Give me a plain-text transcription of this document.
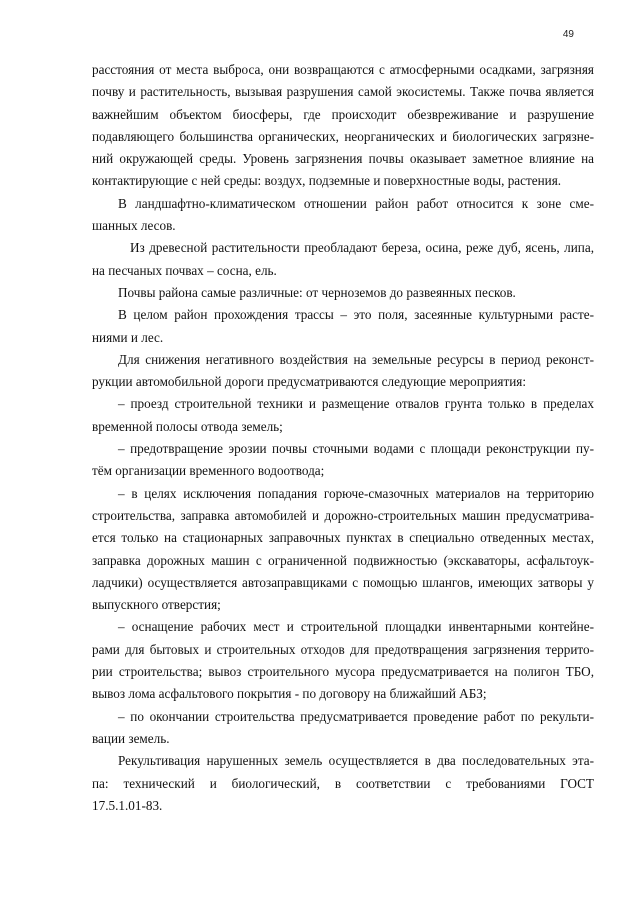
49
расстояния от места выброса, они возвращаются с атмосферными осадками, загрязняя
почву и растительность, вызывая разрушения самой экосистемы. Также почва является
важнейшим объектом биосферы, где происходит обезвреживание и разрушение
подавляющего большинства органических, неорганических и биологических загрязне-
ний окружающей среды. Уровень загрязнения почвы оказывает заметное влияние на
контактирующие с ней среды: воздух, подземные и поверхностные воды, растения.
В ландшафтно-климатическом отношении район работ относится к зоне сме-
шанных лесов.
Из древесной растительности преобладают береза, осина, реже дуб, ясень, липа,
на песчаных почвах – сосна, ель.
Почвы района самые различные: от черноземов до развеянных песков.
В целом район прохождения трассы – это поля, засеянные культурными расте-
ниями и лес.
Для снижения негативного воздействия на земельные ресурсы в период реконст-
рукции автомобильной дороги предусматриваются следующие мероприятия:
– проезд строительной техники и размещение отвалов грунта только в пределах
временной полосы отвода земель;
– предотвращение эрозии почвы сточными водами с площади реконструкции пу-
тём организации временного водоотвода;
– в целях исключения попадания горюче-смазочных материалов на территорию
строительства, заправка автомобилей и дорожно-строительных машин предусматрива-
ется только на стационарных заправочных пунктах в специально отведенных местах,
заправка дорожных машин с ограниченной подвижностью (экскаваторы, асфальтоук-
ладчики) осуществляется автозаправщиками с помощью шлангов, имеющих затворы у
выпускного отверстия;
– оснащение рабочих мест и строительной площадки инвентарными контейне-
рами для бытовых и строительных отходов для предотвращения загрязнения террито-
рии строительства; вывоз строительного мусора предусматривается на полигон ТБО,
вывоз лома асфальтового покрытия - по договору на ближайший АБЗ;
– по окончании строительства предусматривается проведение работ по рекульти-
вации земель.
Рекультивация нарушенных земель осуществляется в два последовательных эта-
па: технический и биологический, в соответствии с требованиями ГОСТ
17.5.1.01-83.
